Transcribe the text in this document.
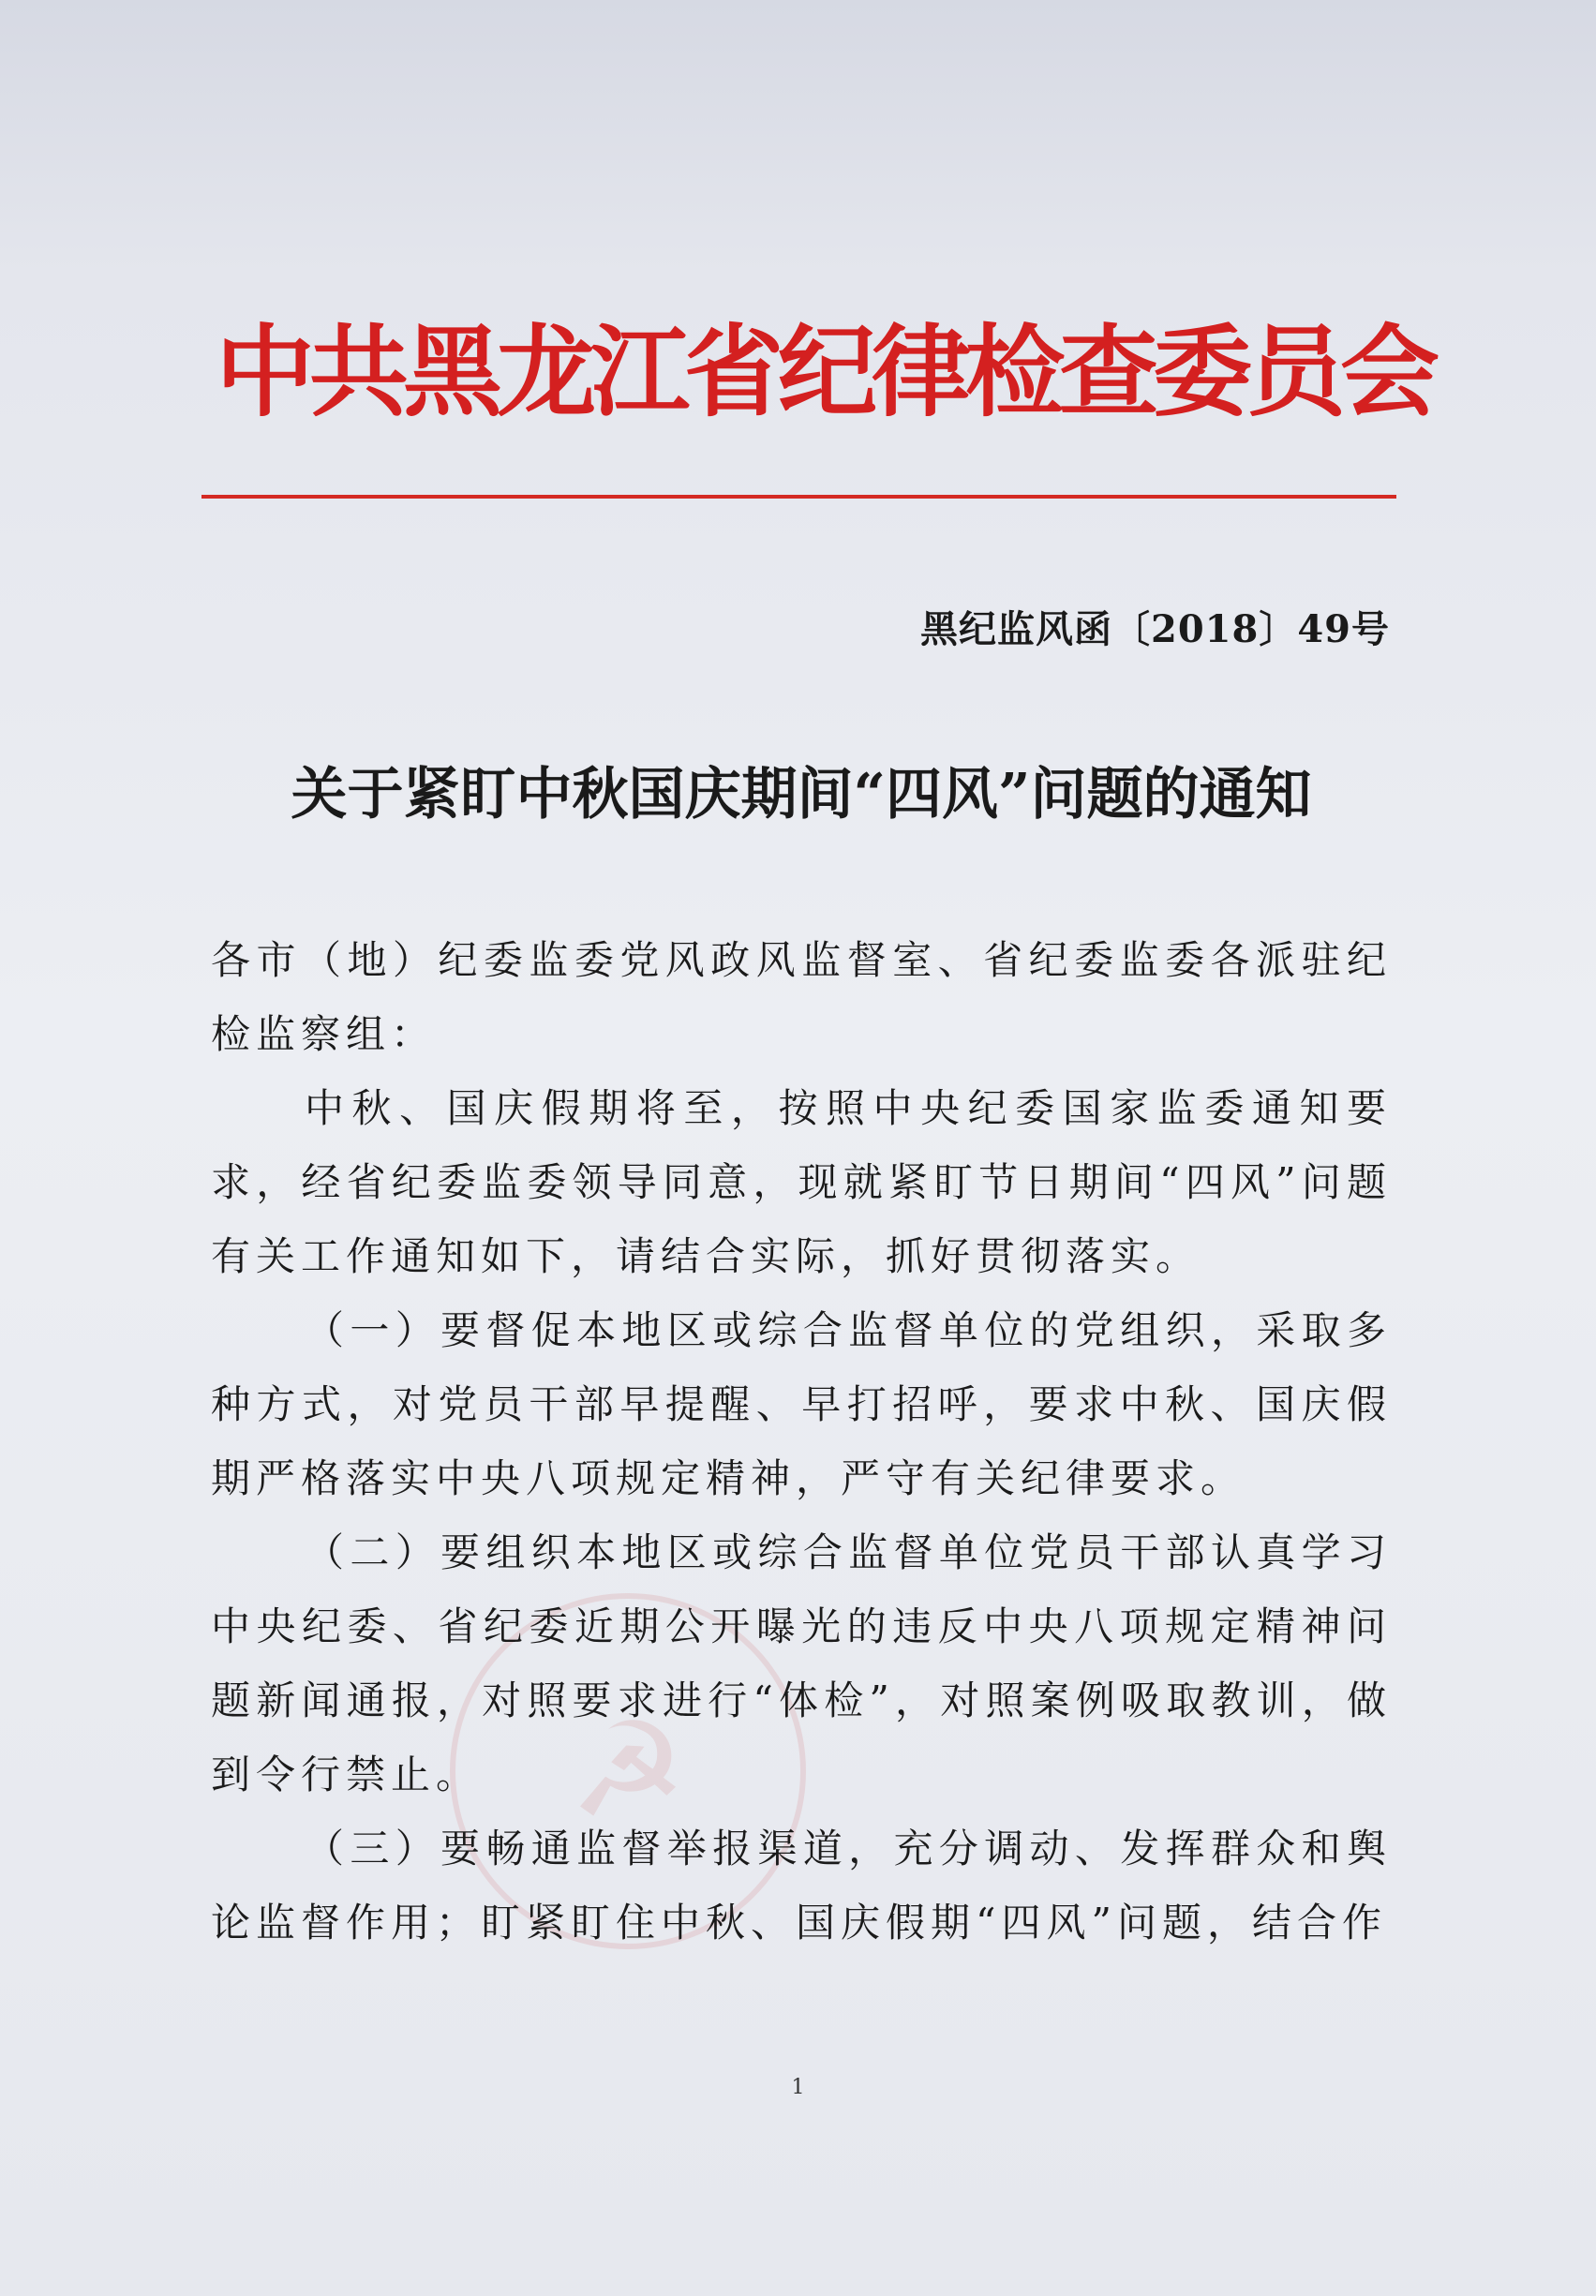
☭
中共黑龙江省纪律检查委员会
黑纪监风函〔2018〕49号
关于紧盯中秋国庆期间“四风”问题的通知

各市（地）纪委监委党风政风监督室、省纪委监委各派驻纪检监察组：

中秋、国庆假期将至，按照中央纪委国家监委通知要求，经省纪委监委领导同意，现就紧盯节日期间“四风”问题有关工作通知如下，请结合实际，抓好贯彻落实。

（一）要督促本地区或综合监督单位的党组织，采取多种方式，对党员干部早提醒、早打招呼，要求中秋、国庆假期严格落实中央八项规定精神，严守有关纪律要求。

（二）要组织本地区或综合监督单位党员干部认真学习中央纪委、省纪委近期公开曝光的违反中央八项规定精神问题新闻通报，对照要求进行“体检”，对照案例吸取教训，做到令行禁止。

（三）要畅通监督举报渠道，充分调动、发挥群众和舆论监督作用；盯紧盯住中秋、国庆假期“四风”问题，结合作

1
